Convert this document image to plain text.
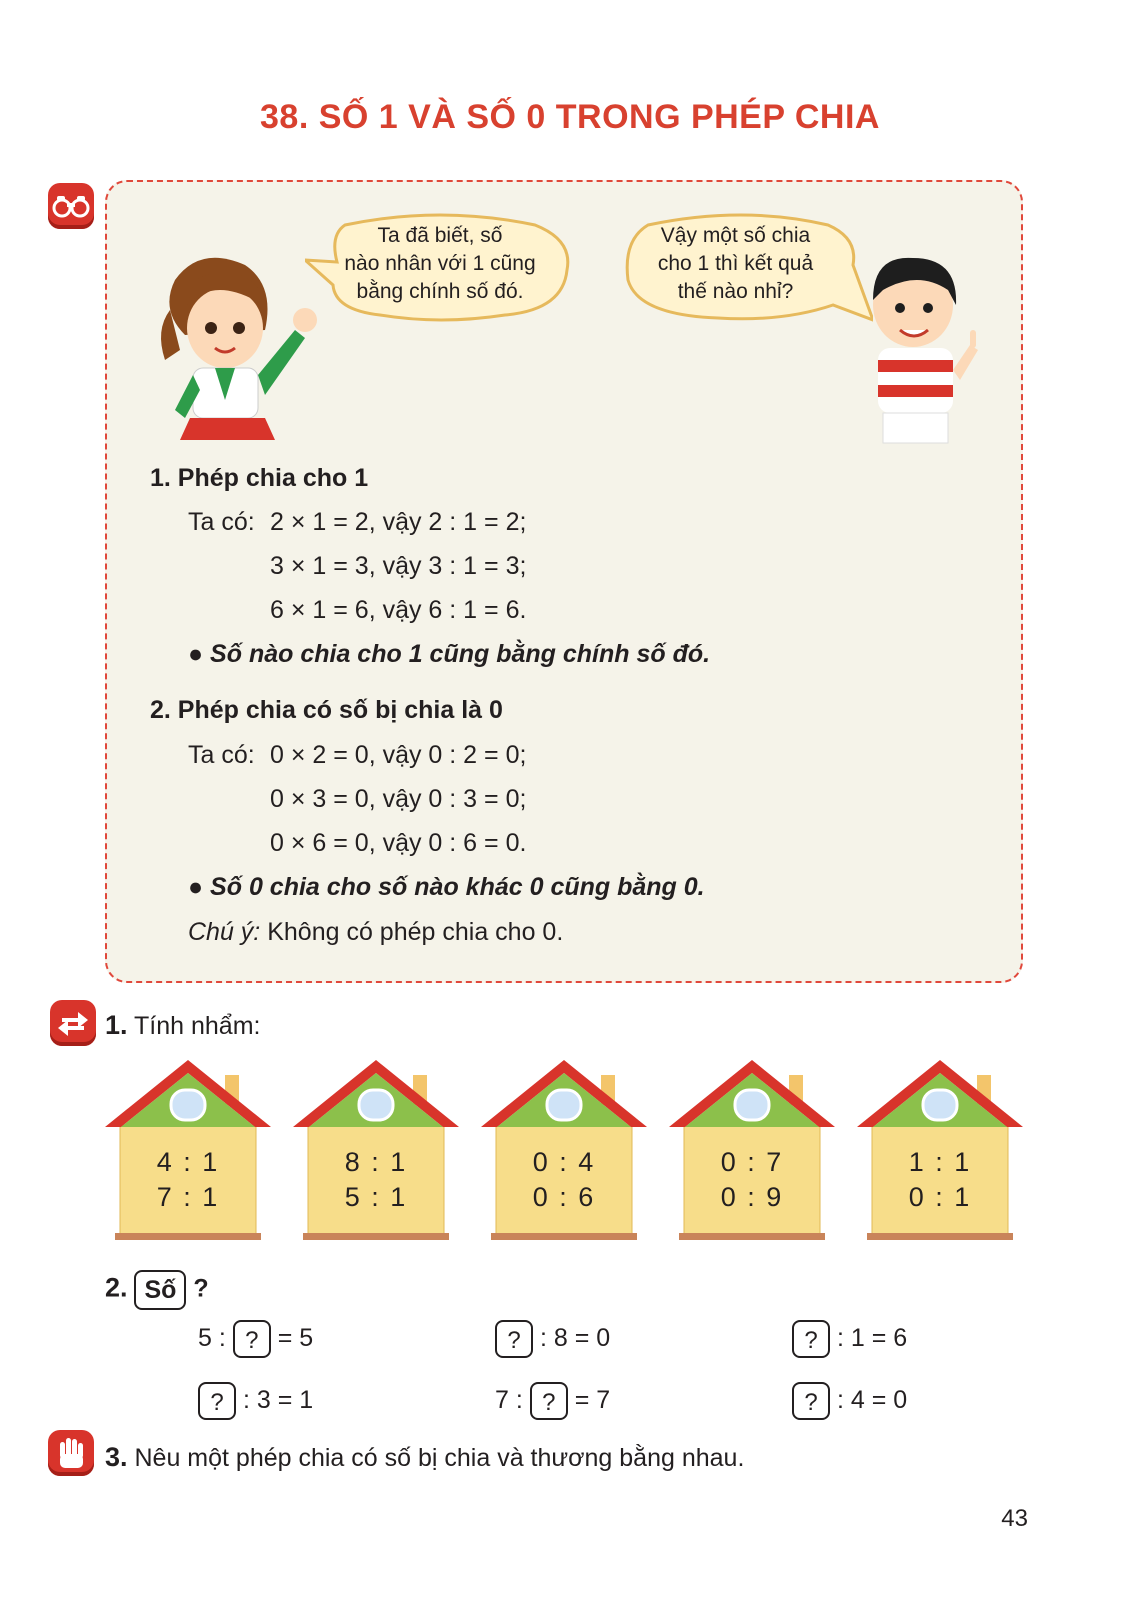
38. SỐ 1 VÀ SỐ 0 TRONG PHÉP CHIA
Ta đã biết, số
nào nhân với 1 cũng
bằng chính số đó.
Vậy một số chia
cho 1 thì kết quả
thế nào nhỉ?
1. Phép chia cho 1
Ta có: 2 × 1 = 2, vậy 2 : 1 = 2;
3 × 1 = 3, vậy 3 : 1 = 3;
6 × 1 = 6, vậy 6 : 1 = 6.
● Số nào chia cho 1 cũng bằng chính số đó.
2. Phép chia có số bị chia là 0
Ta có: 0 × 2 = 0, vậy 0 : 2 = 0;
0 × 3 = 0, vậy 0 : 3 = 0;
0 × 6 = 0, vậy 0 : 6 = 0.
● Số 0 chia cho số nào khác 0 cũng bằng 0.
Chú ý: Không có phép chia cho 0.
1. Tính nhẩm:
4 : 1
7 : 1
8 : 1
5 : 1
0 : 4
0 : 6
0 : 7
0 : 9
1 : 1
0 : 1
2. Số ?
5 : ? = 5	? : 8 = 0	? : 1 = 6
? : 3 = 1	7 : ? = 7	? : 4 = 0
3. Nêu một phép chia có số bị chia và thương bằng nhau.
43
